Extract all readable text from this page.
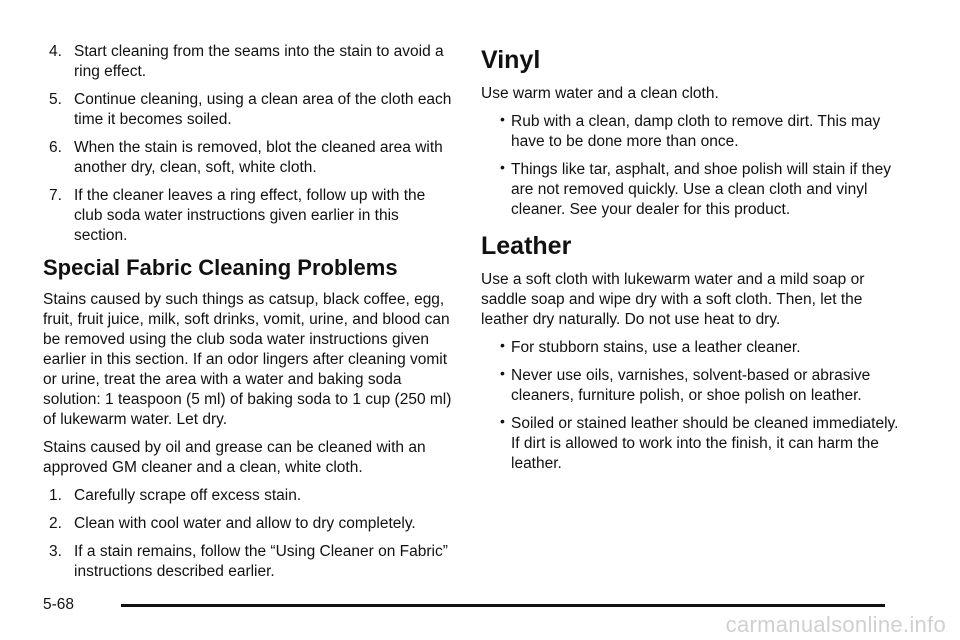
4. Start cleaning from the seams into the stain to avoid a ring effect.
5. Continue cleaning, using a clean area of the cloth each time it becomes soiled.
6. When the stain is removed, blot the cleaned area with another dry, clean, soft, white cloth.
7. If the cleaner leaves a ring effect, follow up with the club soda water instructions given earlier in this section.
Special Fabric Cleaning Problems

Stains caused by such things as catsup, black coffee, egg, fruit, fruit juice, milk, soft drinks, vomit, urine, and blood can be removed using the club soda water instructions given earlier in this section. If an odor lingers after cleaning vomit or urine, treat the area with a water and baking soda solution: 1 teaspoon (5 ml) of baking soda to 1 cup (250 ml) of lukewarm water. Let dry.

Stains caused by oil and grease can be cleaned with an approved GM cleaner and a clean, white cloth.

1. Carefully scrape off excess stain.
2. Clean with cool water and allow to dry completely.
3. If a stain remains, follow the “Using Cleaner on Fabric” instructions described earlier.
Vinyl

Use warm water and a clean cloth.

• Rub with a clean, damp cloth to remove dirt. This may have to be done more than once.
• Things like tar, asphalt, and shoe polish will stain if they are not removed quickly. Use a clean cloth and vinyl cleaner. See your dealer for this product.
Leather

Use a soft cloth with lukewarm water and a mild soap or saddle soap and wipe dry with a soft cloth. Then, let the leather dry naturally. Do not use heat to dry.

• For stubborn stains, use a leather cleaner.
• Never use oils, varnishes, solvent-based or abrasive cleaners, furniture polish, or shoe polish on leather.
• Soiled or stained leather should be cleaned immediately. If dirt is allowed to work into the finish, it can harm the leather.
5-68
carmanualsonline.info
